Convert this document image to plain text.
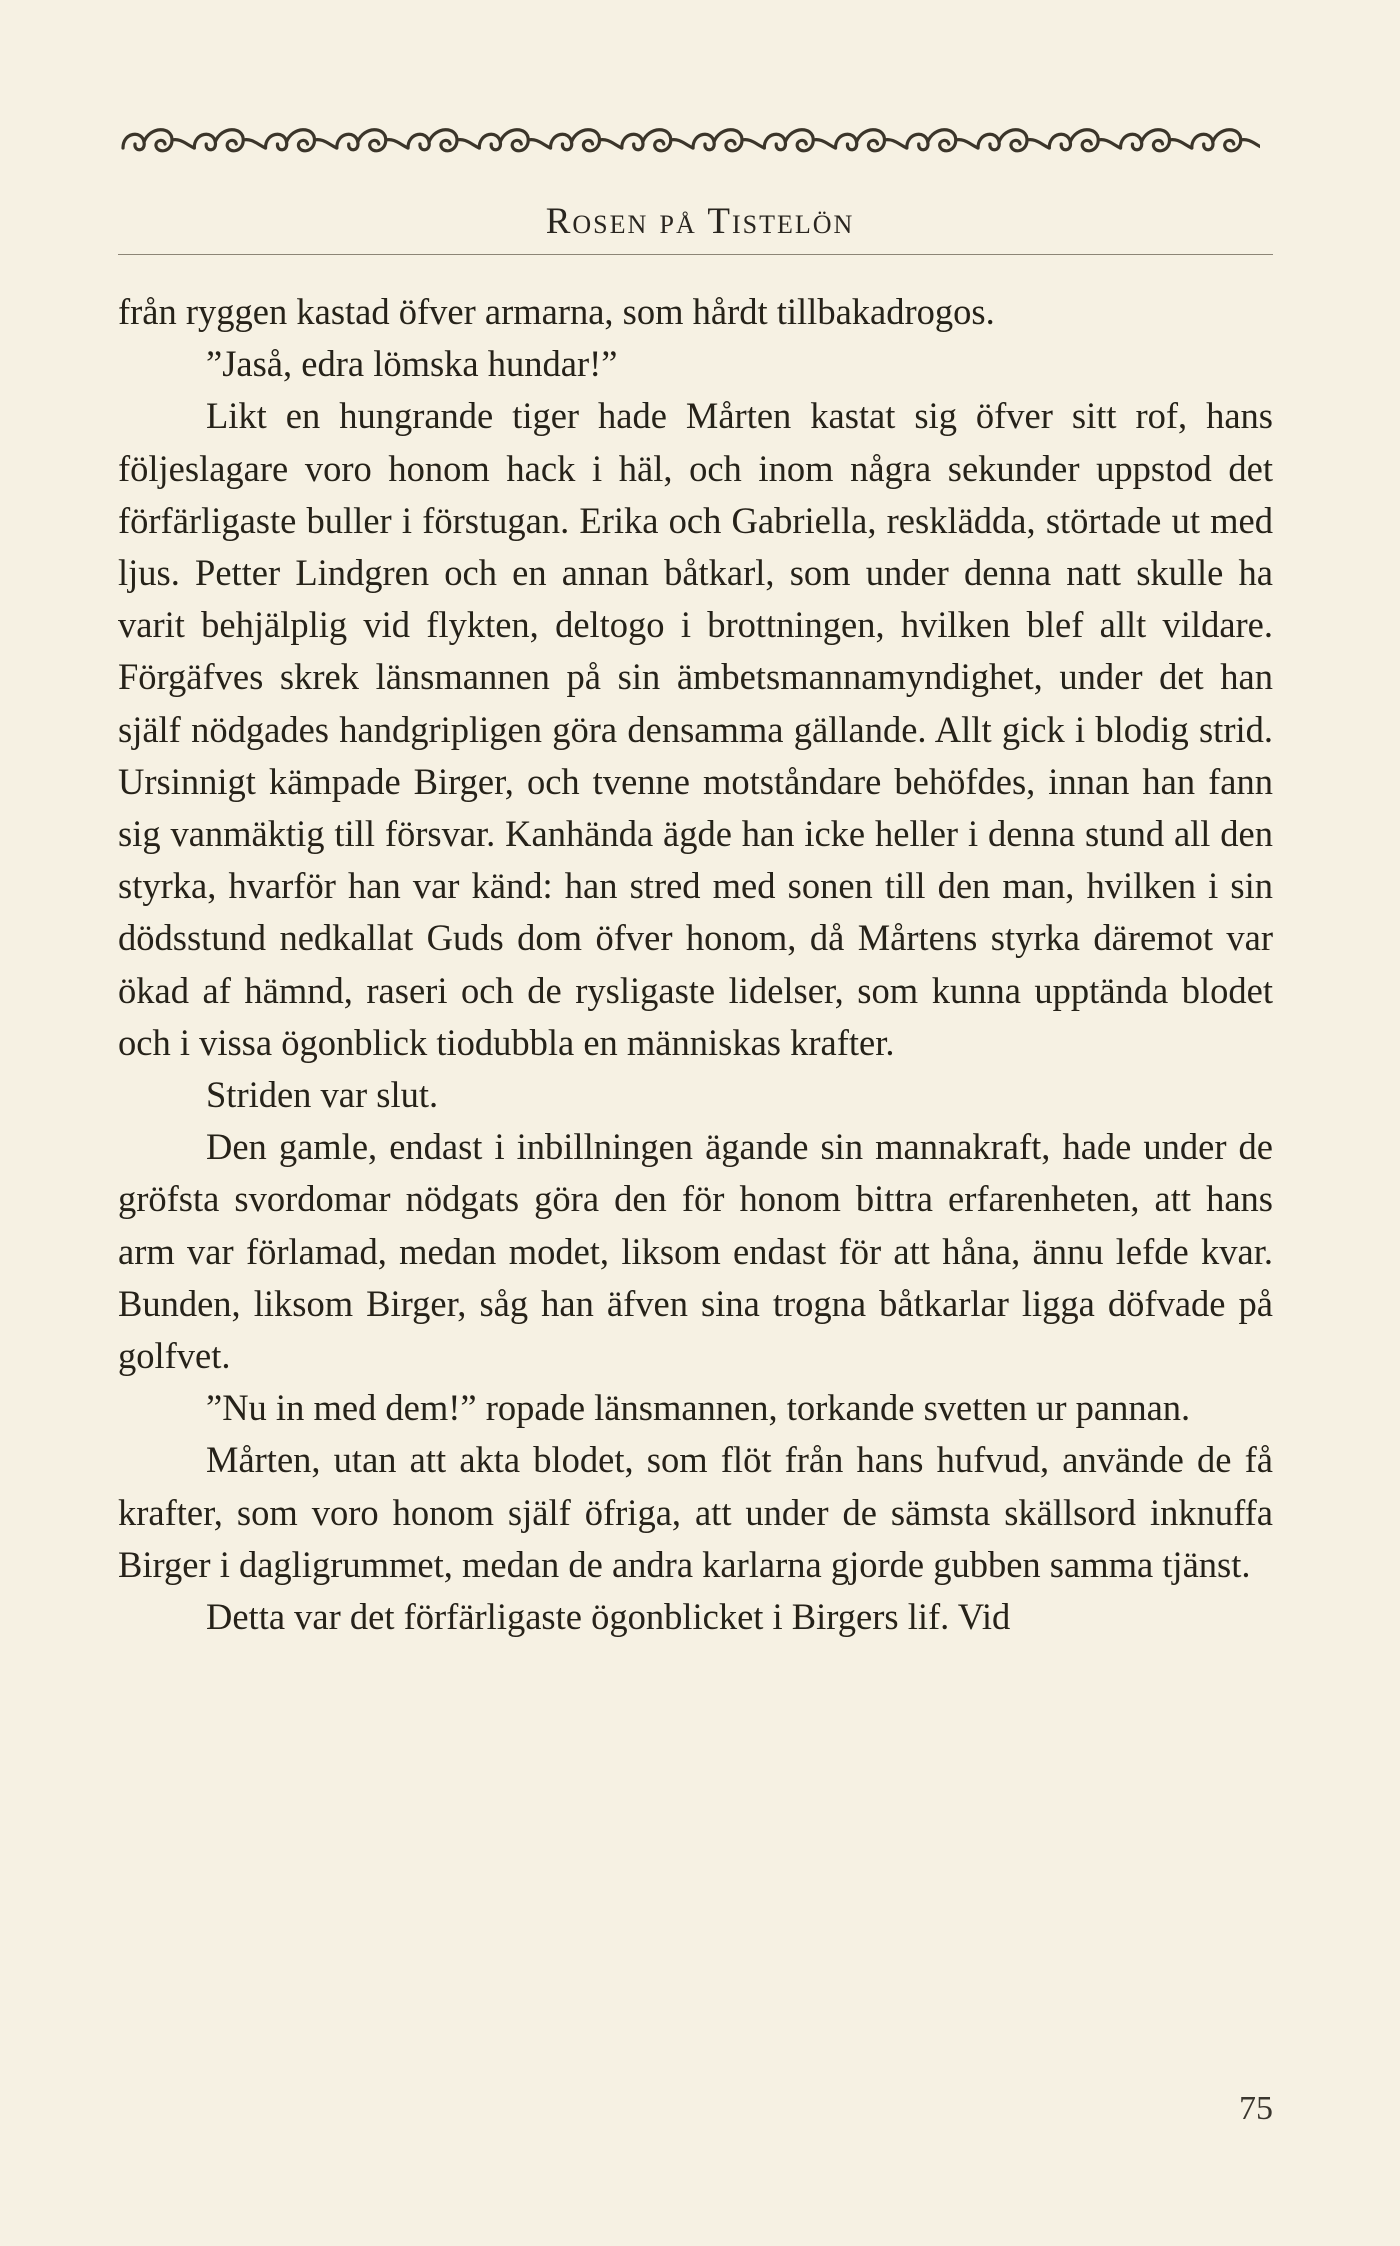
Rosen på Tistelön

från ryggen kastad öfver armarna, som hårdt tillbakadrogos.

”Jaså, edra lömska hundar!”

Likt en hungrande tiger hade Mårten kastat sig öfver sitt rof, hans följeslagare voro honom hack i häl, och inom några sekunder uppstod det förfärligaste buller i förstugan. Erika och Gabriella, resklädda, störtade ut med ljus. Petter Lindgren och en annan båtkarl, som under denna natt skulle ha varit behjälplig vid flykten, deltogo i brottningen, hvilken blef allt vildare. Förgäfves skrek länsmannen på sin ämbetsmannamyndighet, under det han själf nödgades handgripligen göra densamma gällande. Allt gick i blodig strid. Ursinnigt kämpade Birger, och tvenne motståndare behöfdes, innan han fann sig vanmäktig till försvar. Kanhända ägde han icke heller i denna stund all den styrka, hvarför han var känd: han stred med sonen till den man, hvilken i sin dödsstund nedkallat Guds dom öfver honom, då Mårtens styrka däremot var ökad af hämnd, raseri och de rysligaste lidelser, som kunna upptända blodet och i vissa ögonblick tiodubbla en människas krafter.

Striden var slut.

Den gamle, endast i inbillningen ägande sin mannakraft, hade under de gröfsta svordomar nödgats göra den för honom bittra erfarenheten, att hans arm var förlamad, medan modet, liksom endast för att håna, ännu lefde kvar. Bunden, liksom Birger, såg han äfven sina trogna båtkarlar ligga döfvade på golfvet.

”Nu in med dem!” ropade länsmannen, torkande svetten ur pannan.

Mårten, utan att akta blodet, som flöt från hans hufvud, använde de få krafter, som voro honom själf öfriga, att under de sämsta skällsord inknuffa Birger i dagligrummet, medan de andra karlarna gjorde gubben samma tjänst.

Detta var det förfärligaste ögonblicket i Birgers lif. Vid

75
